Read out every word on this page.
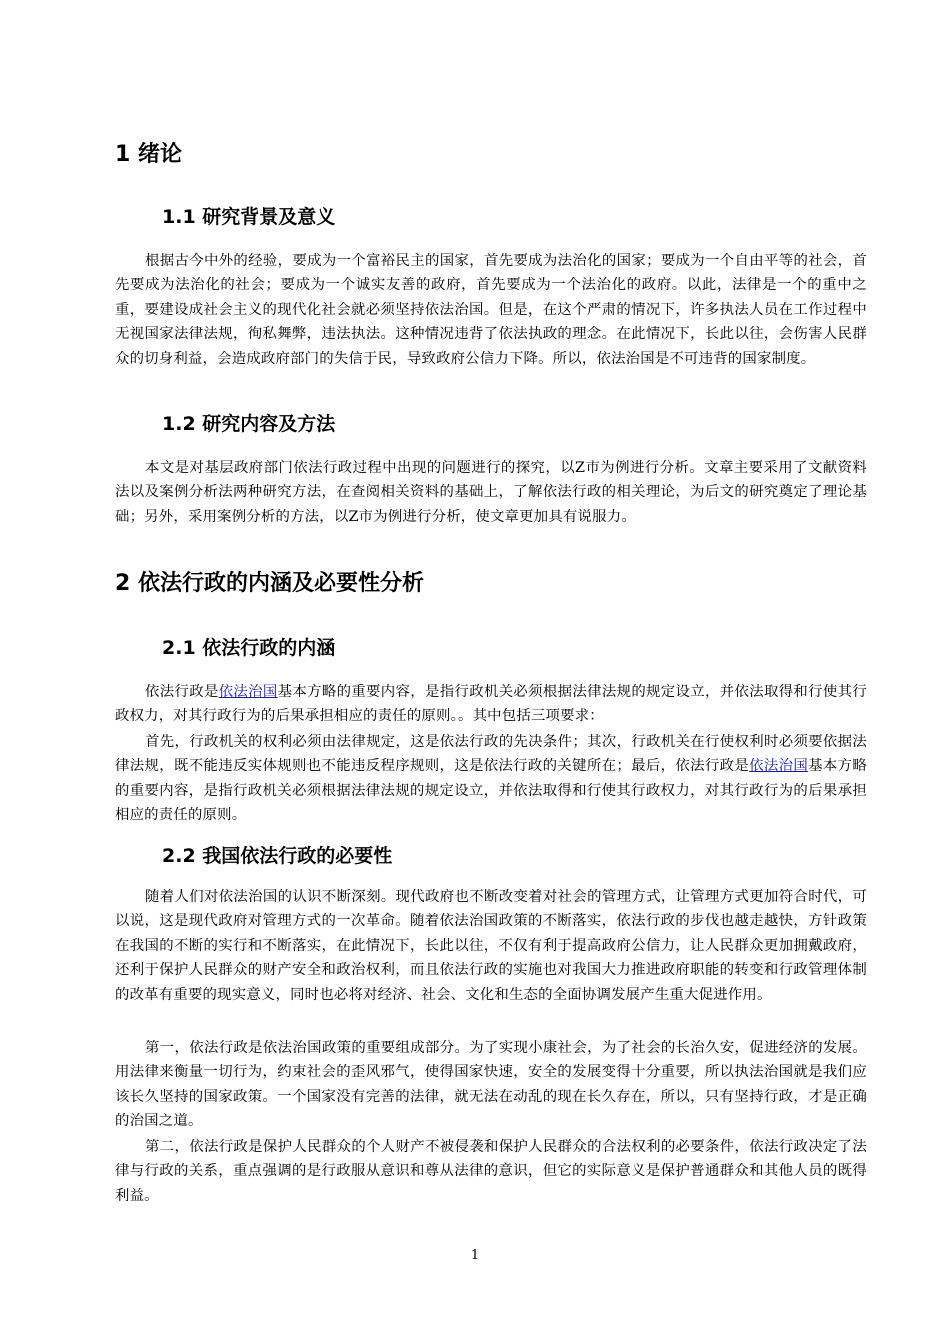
1 绪论
1.1 研究背景及意义

根据古今中外的经验，要成为一个富裕民主的国家，首先要成为法治化的国家；要成为一个自由平等的社会，首先要成为法治化的社会；要成为一个诚实友善的政府，首先要成为一个法治化的政府。以此，法律是一个的重中之重，要建设成社会主义的现代化社会就必须坚持依法治国。但是，在这个严肃的情况下，许多执法人员在工作过程中无视国家法律法规，徇私舞弊，违法执法。这种情况违背了依法执政的理念。在此情况下，长此以往，会伤害人民群众的切身利益，会造成政府部门的失信于民，导致政府公信力下降。所以，依法治国是不可违背的国家制度。

1.2 研究内容及方法

本文是对基层政府部门依法行政过程中出现的问题进行的探究，以Z市为例进行分析。文章主要采用了文献资料法以及案例分析法两种研究方法，在查阅相关资料的基础上，了解依法行政的相关理论，为后文的研究奠定了理论基础；另外，采用案例分析的方法，以Z市为例进行分析，使文章更加具有说服力。

2 依法行政的内涵及必要性分析
2.1 依法行政的内涵

依法行政是依法治国基本方略的重要内容，是指行政机关必须根据法律法规的规定设立，并依法取得和行使其行政权力，对其行政行为的后果承担相应的责任的原则。。其中包括三项要求：

首先，行政机关的权利必须由法律规定，这是依法行政的先决条件；其次，行政机关在行使权利时必须要依据法律法规，既不能违反实体规则也不能违反程序规则，这是依法行政的关键所在；最后，依法行政是依法治国基本方略的重要内容，是指行政机关必须根据法律法规的规定设立，并依法取得和行使其行政权力，对其行政行为的后果承担相应的责任的原则。

2.2 我国依法行政的必要性

随着人们对依法治国的认识不断深刻。现代政府也不断改变着对社会的管理方式，让管理方式更加符合时代，可以说，这是现代政府对管理方式的一次革命。随着依法治国政策的不断落实，依法行政的步伐也越走越快，方针政策在我国的不断的实行和不断落实，在此情况下，长此以往，不仅有利于提高政府公信力，让人民群众更加拥戴政府，还利于保护人民群众的财产安全和政治权利，而且依法行政的实施也对我国大力推进政府职能的转变和行政管理体制的改革有重要的现实意义，同时也必将对经济、社会、文化和生态的全面协调发展产生重大促进作用。

第一，依法行政是依法治国政策的重要组成部分。为了实现小康社会，为了社会的长治久安，促进经济的发展。用法律来衡量一切行为，约束社会的歪风邪气，使得国家快速，安全的发展变得十分重要，所以执法治国就是我们应该长久坚持的国家政策。一个国家没有完善的法律，就无法在动乱的现在长久存在，所以，只有坚持行政，才是正确的治国之道。

第二，依法行政是保护人民群众的个人财产不被侵袭和保护人民群众的合法权利的必要条件，依法行政决定了法律与行政的关系，重点强调的是行政服从意识和尊从法律的意识，但它的实际意义是保护普通群众和其他人员的既得利益。

1
